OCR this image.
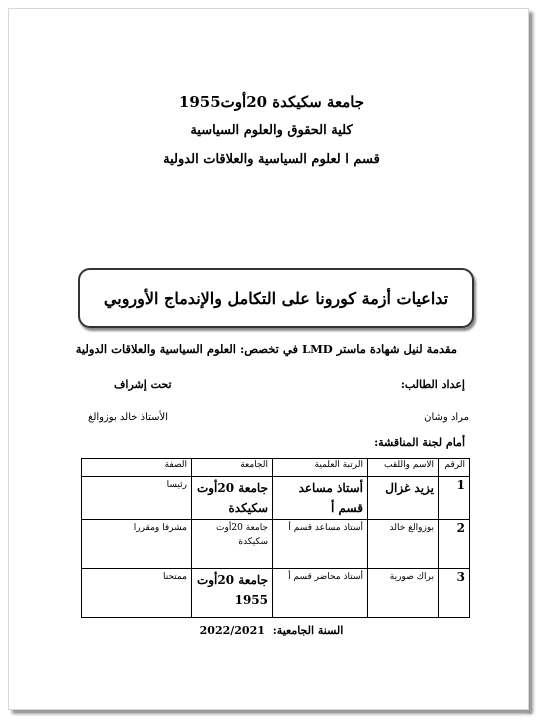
جامعة سكيكدة 20أوت1955
كلية الحقوق والعلوم السياسية
قسم ا لعلوم السياسية والعلاقات الدولية
تداعيات أزمة كورونا على التكامل والإندماج الأوروبي
مقدمة لنيل شهادة ماستر LMD في تخصص: العلوم السياسية والعلاقات الدولية
إعداد الطالب:
تحت إشراف
مراد وشان
الأستاذ خالد بوزوالغ
أمام لجنة المناقشة:
الرقم	الاسم واللقب	الرتبة العلمية	الجامعة	الصفة
1	يزيد غزال	أستاذ مساعد قسم أ	جامعة 20أوت سكيكدة	رئيسا
2	بوزوالغ خالد	أستاذ مساعد قسم أ	جامعة 20أوت سكيكدة	مشرفا ومقررا
3	براك صورية	أستاذ محاضر قسم أ	جامعة 20أوت 1955	ممتحنا
السنة الجامعية: 2022/2021
